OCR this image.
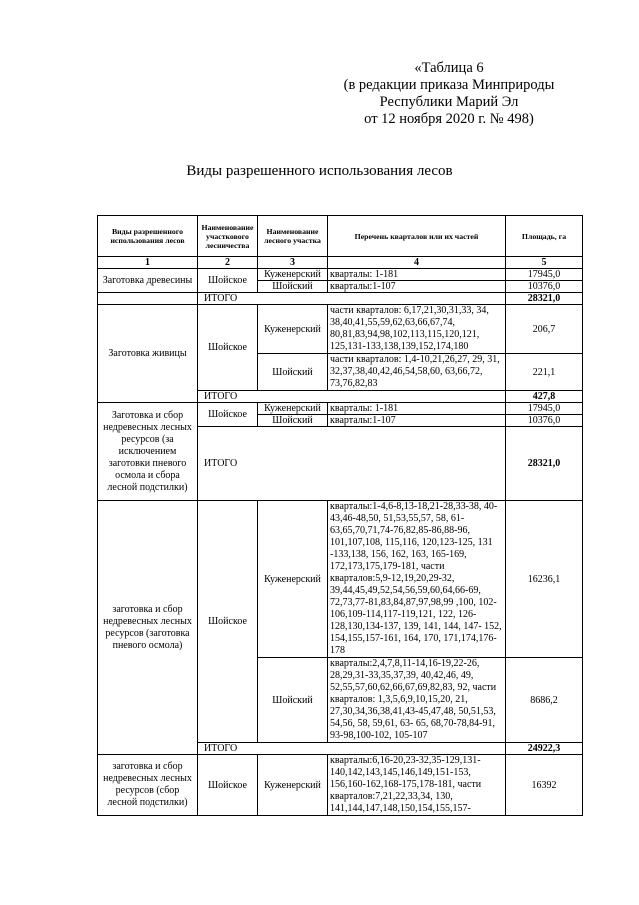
«Таблица 6
(в редакции приказа Минприроды
Республики Марий Эл
от 12 ноября 2020 г. № 498)
Виды разрешенного использования лесов
Виды разрешенного использования лесов	Наименование участкового лесничества	Наименование лесного участка	Перечень кварталов или их частей	Площадь, га
1	2	3	4	5
Заготовка древесины	Шойское	Куженерский	кварталы: 1-181	17945,0
		Шойский	кварталы:1-107	10376,0
	ИТОГО			28321,0
Заготовка живицы	Шойское	Куженерский	части кварталов: 6,17,21,30,31,33, 34, 38,40,41,55,59,62,63,66,67,74, 80,81,83,94,98,102,113,115,120,121, 125,131-133,138,139,152,174,180	206,7
		Шойский	части кварталов: 1,4-10,21,26,27, 29, 31, 32,37,38,40,42,46,54,58,60, 63,66,72, 73,76,82,83	221,1
	ИТОГО			427,8
Заготовка и сбор недревесных лесных ресурсов (за исключением заготовки пневого осмола и сбора лесной подстилки)	Шойское	Куженерский	кварталы: 1-181	17945,0
		Шойский	кварталы:1-107	10376,0
	ИТОГО			28321,0
заготовка и сбор недревесных лесных ресурсов (заготовка пневого осмола)	Шойское	Куженерский	кварталы:1-4,6-8,13-18,21-28,33-38, 40-43,46-48,50, 51,53,55,57, 58, 61-63,65,70,71,74-76,82,85-86,88-96, 101,107,108, 115,116, 120,123-125, 131 -133,138, 156, 162, 163, 165-169, 172,173,175,179-181, части кварталов:5,9-12,19,20,29-32, 39,44,45,49,52,54,56,59,60,64,66-69, 72,73,77-81,83,84,87,97,98,99 ,100, 102-106,109-114,117-119,121, 122, 126-128,130,134-137, 139, 141, 144, 147- 152, 154,155,157-161, 164, 170, 171,174,176-178	16236,1
		Шойский	кварталы:2,4,7,8,11-14,16-19,22-26, 28,29,31-33,35,37,39, 40,42,46, 49, 52,55,57,60,62,66,67,69,82,83, 92, части кварталов: 1,3,5,6,9,10,15,20, 21, 27,30,34,36,38,41,43-45,47,48, 50,51,53, 54,56, 58, 59,61, 63- 65, 68,70-78,84-91, 93-98,100-102, 105-107	8686,2
	ИТОГО			24922,3
заготовка и сбор недревесных лесных ресурсов (сбор лесной подстилки)	Шойское	Куженерский	кварталы:6,16-20,23-32,35-129,131-140,142,143,145,146,149,151-153, 156,160-162,168-175,178-181, части кварталов:7,21,22,33,34, 130, 141,144,147,148,150,154,155,157-	16392
